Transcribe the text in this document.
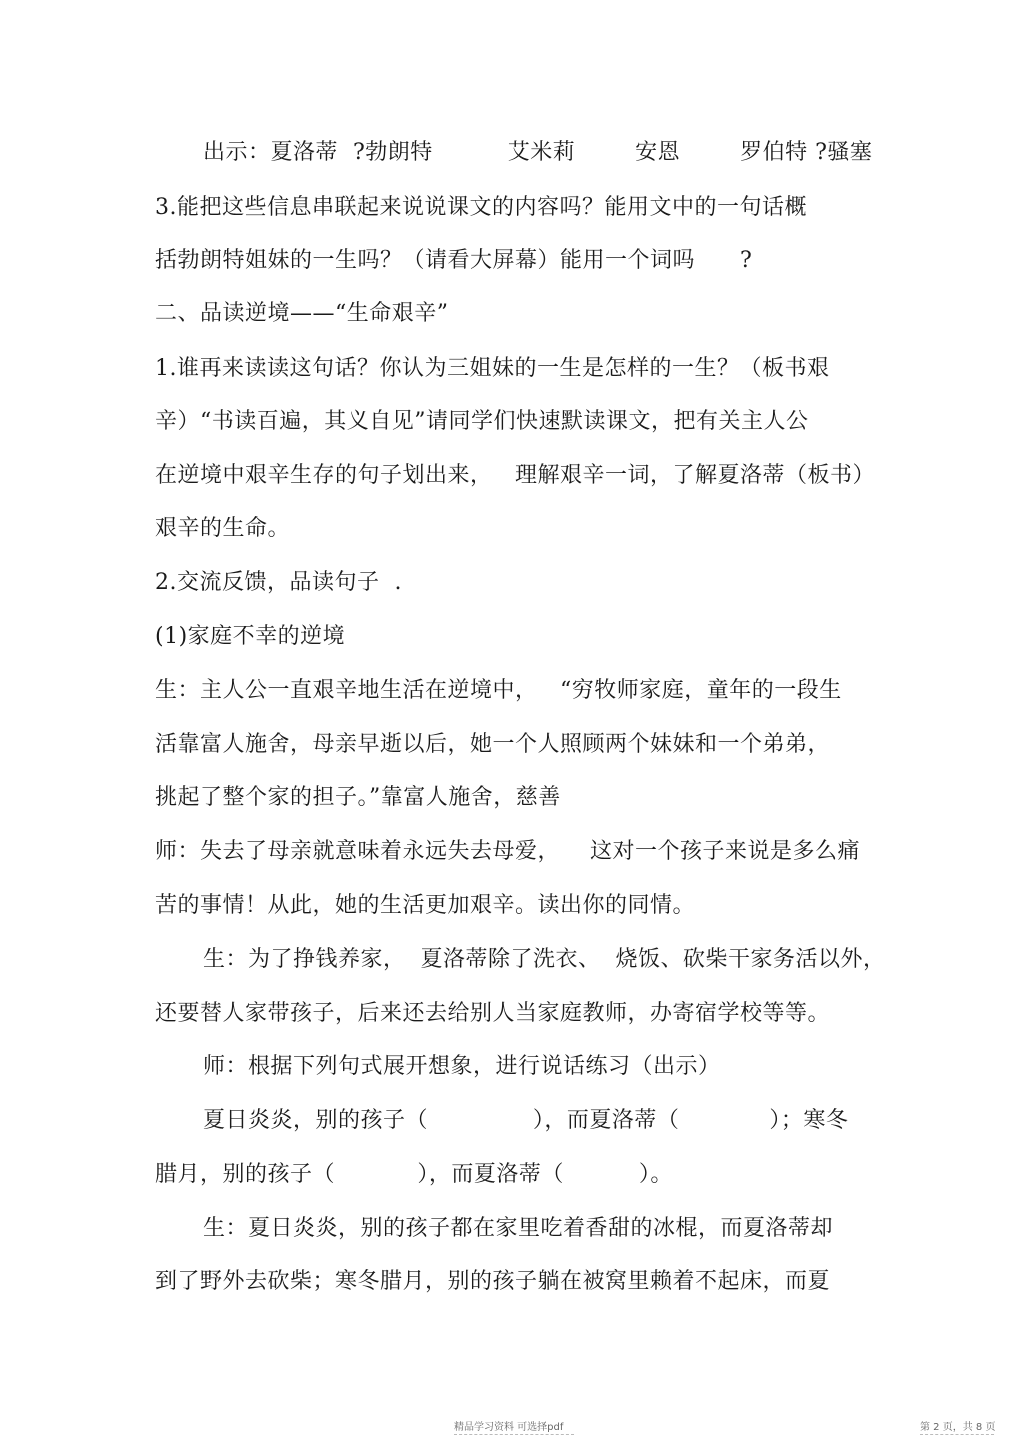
出示：夏洛蒂  ?勃朗特          艾米莉        安恩        罗伯特 ?骚塞
3.能把这些信息串联起来说说课文的内容吗？能用文中的一句话概
括勃朗特姐妹的一生吗？（请看大屏幕）能用一个词吗      ?
二、品读逆境——“生命艰辛”
1.谁再来读读这句话？你认为三姐妹的一生是怎样的一生？（板书艰
辛）“书读百遍，其义自见”请同学们快速默读课文，把有关主人公
在逆境中艰辛生存的句子划出来，   理解艰辛一词，了解夏洛蒂（板书）
艰辛的生命。
2.交流反馈，品读句子  .
(1)家庭不幸的逆境
生：主人公一直艰辛地生活在逆境中，   “穷牧师家庭，童年的一段生
活靠富人施舍，母亲早逝以后，她一个人照顾两个妹妹和一个弟弟，
挑起了整个家的担子。”靠富人施舍，慈善
师：失去了母亲就意味着永远失去母爱，    这对一个孩子来说是多么痛
苦的事情！从此，她的生活更加艰辛。读出你的同情。
生：为了挣钱养家，  夏洛蒂除了洗衣、  烧饭、砍柴干家务活以外，
还要替人家带孩子，后来还去给别人当家庭教师，办寄宿学校等等。
师：根据下列句式展开想象，进行说话练习（出示）
夏日炎炎，别的孩子（              ），而夏洛蒂（            ）；寒冬
腊月，别的孩子（           ），而夏洛蒂（          ）。
生：夏日炎炎，别的孩子都在家里吃着香甜的冰棍，而夏洛蒂却
到了野外去砍柴；寒冬腊月，别的孩子躺在被窝里赖着不起床，而夏
精品学习资料 可选择pdf	第 2 页，共 8 页
